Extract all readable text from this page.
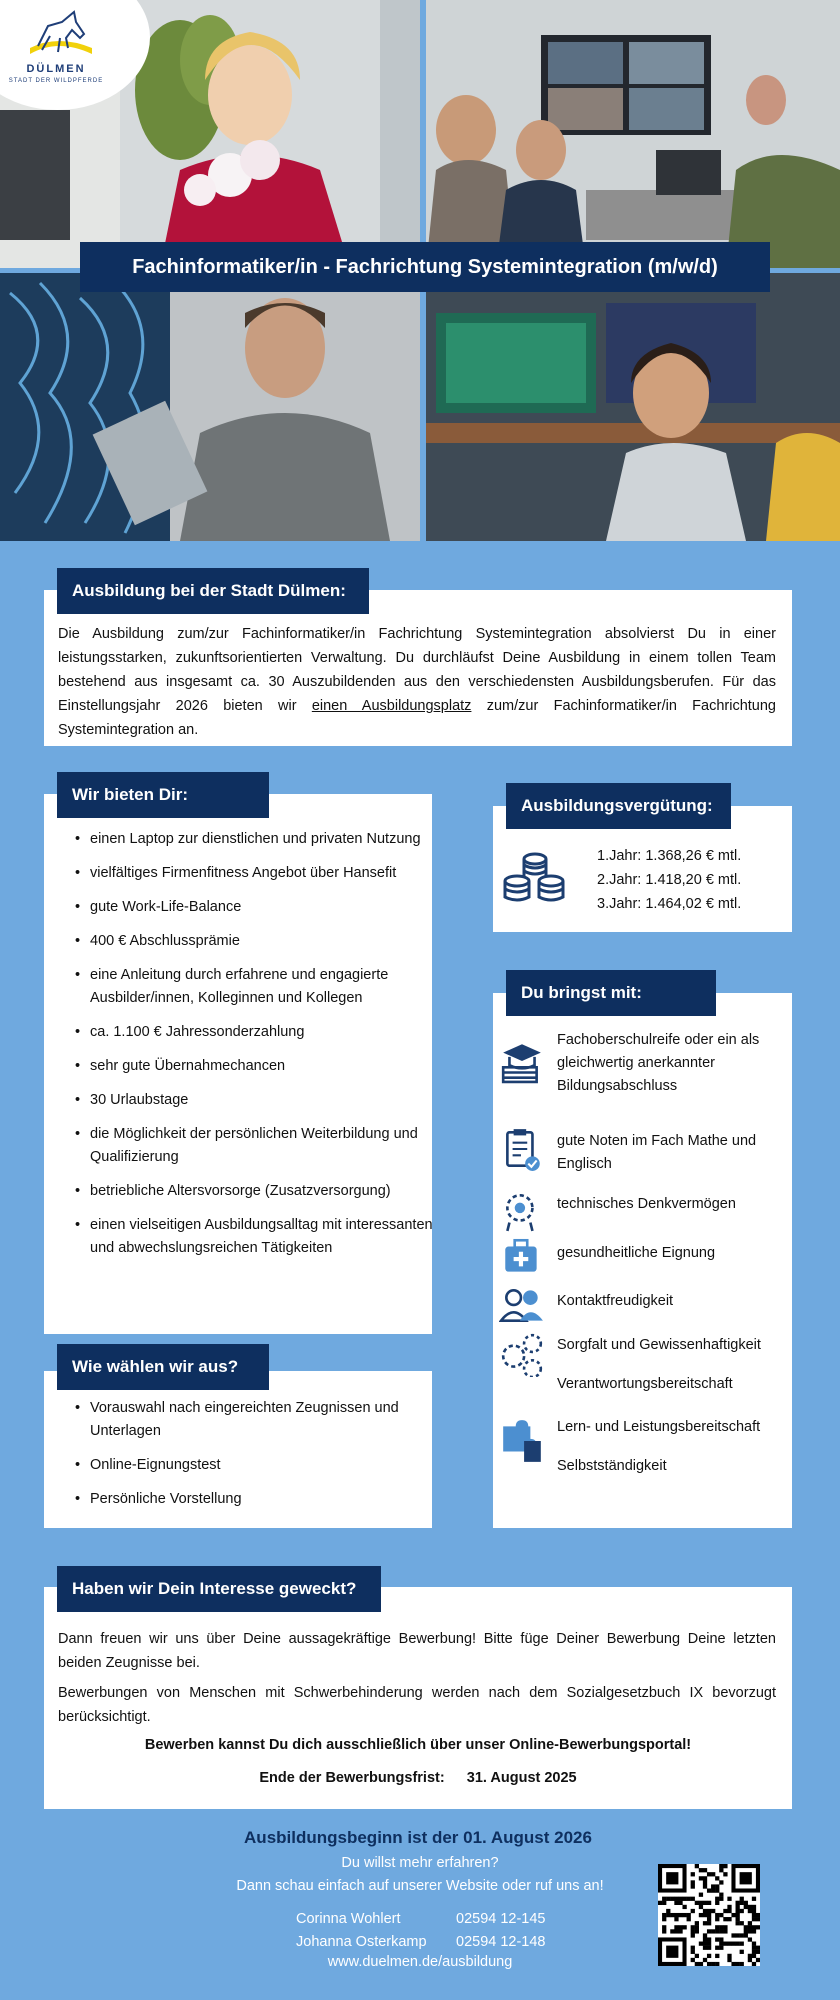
DÜLMEN
STADT DER WILDPFERDE
Fachinformatiker/in - Fachrichtung Systemintegration (m/w/d)
Die Ausbildung zum/zur Fachinformatiker/in Fachrichtung Systemintegration absolvierst Du in einer leistungsstarken, zukunftsorientierten Verwaltung. Du durchläufst Deine Ausbildung in einem tollen Team bestehend aus insgesamt ca. 30 Auszubildenden aus den verschiedensten Ausbildungsberufen. Für das Einstellungsjahr 2026 bieten wir einen Ausbildungsplatz zum/zur Fachinformatiker/in Fachrichtung Systemintegration an.
Ausbildung bei der Stadt Dülmen:
• einen Laptop zur dienstlichen und privaten Nutzung
• vielfältiges Firmenfitness Angebot über Hansefit
• gute Work-Life-Balance
• 400 € Abschlussprämie
• eine Anleitung durch erfahrene und engagierte Ausbilder/innen, Kolleginnen und Kollegen
• ca. 1.100 € Jahressonderzahlung
• sehr gute Übernahmechancen
• 30 Urlaubstage
• die Möglichkeit der persönlichen Weiterbildung und Qualifizierung
• betriebliche Altersvorsorge (Zusatzversorgung)
• einen vielseitigen Ausbildungsalltag mit interessanten und abwechslungsreichen Tätigkeiten
Wir bieten Dir:
1.Jahr: 1.368,26 € mtl.
2.Jahr: 1.418,20 € mtl.
3.Jahr: 1.464,02 € mtl.
Ausbildungsvergütung:
Fachoberschulreife oder ein als gleichwertig anerkannter Bildungsabschluss
gute Noten im Fach Mathe und Englisch
technisches Denkvermögen
gesundheitliche Eignung
Kontaktfreudigkeit
Sorgfalt und Gewissenhaftigkeit
Verantwortungsbereitschaft
Lern- und Leistungsbereitschaft
Selbstständigkeit
Du bringst mit:
• Vorauswahl nach eingereichten Zeugnissen und Unterlagen
• Online-Eignungstest
• Persönliche Vorstellung
Wie wählen wir aus?
Dann freuen wir uns über Deine aussagekräftige Bewerbung! Bitte füge Deiner Bewerbung Deine letzten beiden Zeugnisse bei.
Bewerbungen von Menschen mit Schwerbehinderung werden nach dem Sozialgesetzbuch IX bevorzugt berücksichtigt.
Bewerben kannst Du dich ausschließlich über unser Online-Bewerbungsportal!
Ende der Bewerbungsfrist: 31. August 2025
Haben wir Dein Interesse geweckt?
Ausbildungsbeginn ist der 01. August 2026
Du willst mehr erfahren?
Dann schau einfach auf unserer Website oder ruf uns an!
Corinna Wohlert	02594 12-145
Johanna Osterkamp 02594 12-148
www.duelmen.de/ausbildung
